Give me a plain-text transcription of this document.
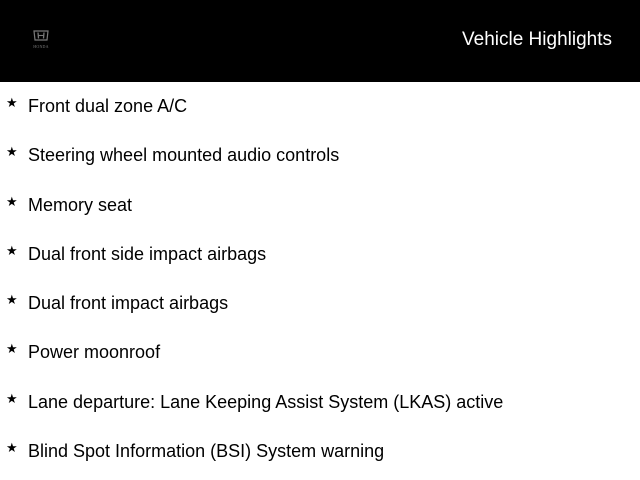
HONDA	Vehicle Highlights
★ Front dual zone A/C
★ Steering wheel mounted audio controls
★ Memory seat
★ Dual front side impact airbags
★ Dual front impact airbags
★ Power moonroof
★ Lane departure: Lane Keeping Assist System (LKAS) active
★ Blind Spot Information (BSI) System warning
